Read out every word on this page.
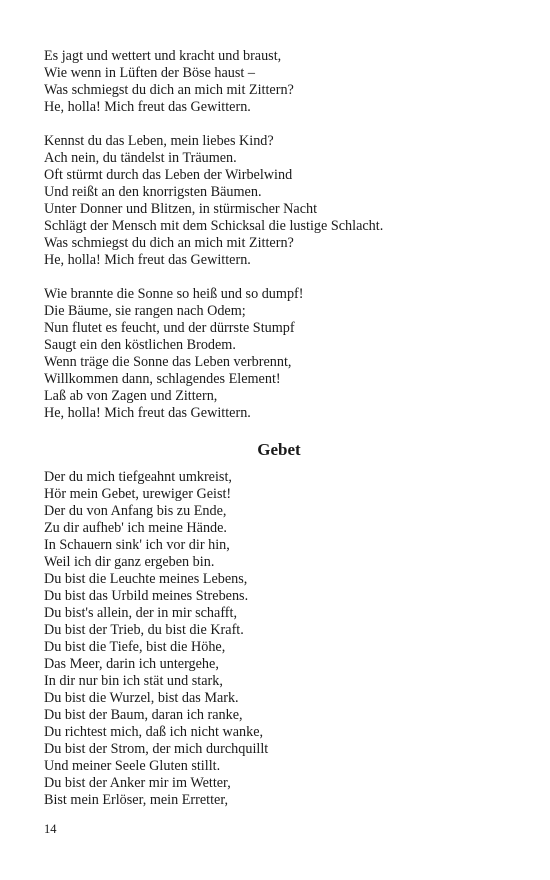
Es jagt und wettert und kracht und braust,
Wie wenn in Lüften der Böse haust –
Was schmiegst du dich an mich mit Zittern?
He, holla! Mich freut das Gewittern.
Kennst du das Leben, mein liebes Kind?
Ach nein, du tändelst in Träumen.
Oft stürmt durch das Leben der Wirbelwind
Und reißt an den knorrigsten Bäumen.
Unter Donner und Blitzen, in stürmischer Nacht
Schlägt der Mensch mit dem Schicksal die lustige Schlacht.
Was schmiegst du dich an mich mit Zittern?
He, holla! Mich freut das Gewittern.
Wie brannte die Sonne so heiß und so dumpf!
Die Bäume, sie rangen nach Odem;
Nun flutet es feucht, und der dürrste Stumpf
Saugt ein den köstlichen Brodem.
Wenn träge die Sonne das Leben verbrennt,
Willkommen dann, schlagendes Element!
Laß ab von Zagen und Zittern,
He, holla! Mich freut das Gewittern.
Gebet
Der du mich tiefgeahnt umkreist,
Hör mein Gebet, urewiger Geist!
Der du von Anfang bis zu Ende,
Zu dir aufheb' ich meine Hände.
In Schauern sink' ich vor dir hin,
Weil ich dir ganz ergeben bin.
Du bist die Leuchte meines Lebens,
Du bist das Urbild meines Strebens.
Du bist's allein, der in mir schafft,
Du bist der Trieb, du bist die Kraft.
Du bist die Tiefe, bist die Höhe,
Das Meer, darin ich untergehe,
In dir nur bin ich stät und stark,
Du bist die Wurzel, bist das Mark.
Du bist der Baum, daran ich ranke,
Du richtest mich, daß ich nicht wanke,
Du bist der Strom, der mich durchquillt
Und meiner Seele Gluten stillt.
Du bist der Anker mir im Wetter,
Bist mein Erlöser, mein Erretter,
14
